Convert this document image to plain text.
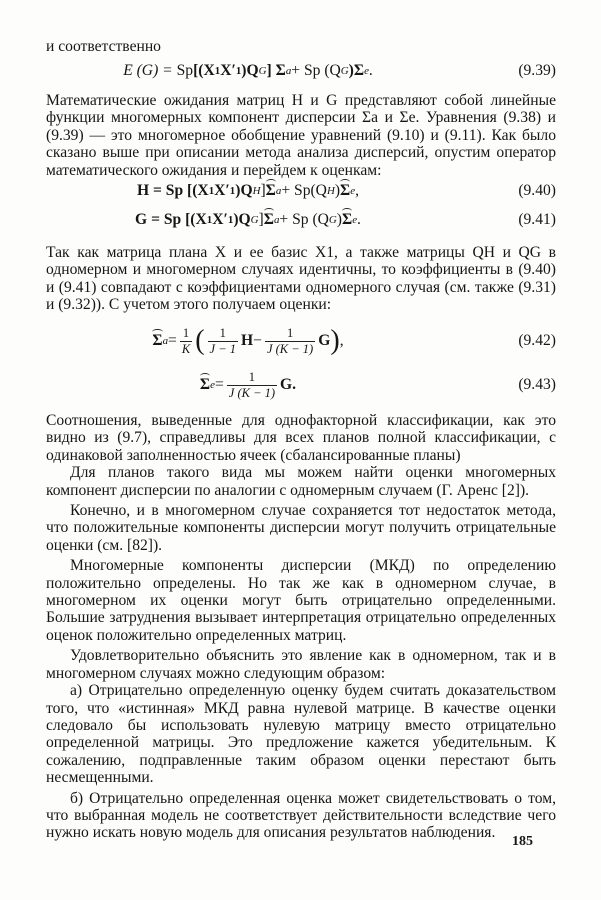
и соответственно

E (G) =
Sp [(X 1 X′ 1 )Q G ] Σ a + Sp (Q G )Σ e .	(9.39)

Математические ожидания матриц H и G представляют собой линейные функции многомерных компонент дисперсии Σa и Σe. Уравнения (9.38) и (9.39) — это многомерное обобщение уравнений (9.10) и (9.11). Как было сказано выше при описании метода анализа дисперсий, опустим оператор математического ожидания и перейдем к оценкам:

H = Sp [(X 1 X′ 1 )Q H ] Σ a + Sp(Q H ) Σ e ,	(9.40)
G = Sp [(X 1 X′ 1 )Q G ] Σ a + Sp (Q G ) Σ e .	(9.41)

Так как матрица плана X и ее базис X1, а также матрицы QH и QG в одномерном и многомерном случаях идентичны, то коэффициенты в (9.40) и (9.41) совпадают с коэффициентами одномерного случая (см. также (9.31) и (9.32)). С учетом этого получаем оценки:

Σ $a = \frac{1}{K}$ ( $\frac{1}{J - 1}$ $H - \frac{1}{J (K - 1)}$ G ) ,	(9.42)
Σ $e = \frac{1}{J (K - 1)} G$.	(9.43)

Соотношения, выведенные для однофакторной классификации, как это видно из (9.7), справедливы для всех планов полной классификации, с одинаковой заполненностью ячеек (сбалансированные планы)

Для планов такого вида мы можем найти оценки многомерных компонент дисперсии по аналогии с одномерным случаем (Г. Аренс [2]).

Конечно, и в многомерном случае сохраняется тот недостаток метода, что положительные компоненты дисперсии могут получить отрицательные оценки (см. [82]).

Многомерные компоненты дисперсии (МКД) по определению положительно определены. Но так же как в одномерном случае, в многомерном их оценки могут быть отрицательно определенными. Большие затруднения вызывает интерпретация отрицательно определенных оценок положительно определенных матриц.

Удовлетворительно объяснить это явление как в одномерном, так и в многомерном случаях можно следующим образом:

а) Отрицательно определенную оценку будем считать доказательством того, что «истинная» МКД равна нулевой матрице. В качестве оценки следовало бы использовать нулевую матрицу вместо отрицательно определенной матрицы. Это предложение кажется убедительным. К сожалению, подправленные таким образом оценки перестают быть несмещенными.

б) Отрицательно определенная оценка может свидетельствовать о том, что выбранная модель не соответствует действительности вследствие чего нужно искать новую модель для описания результатов наблюдения.

185
